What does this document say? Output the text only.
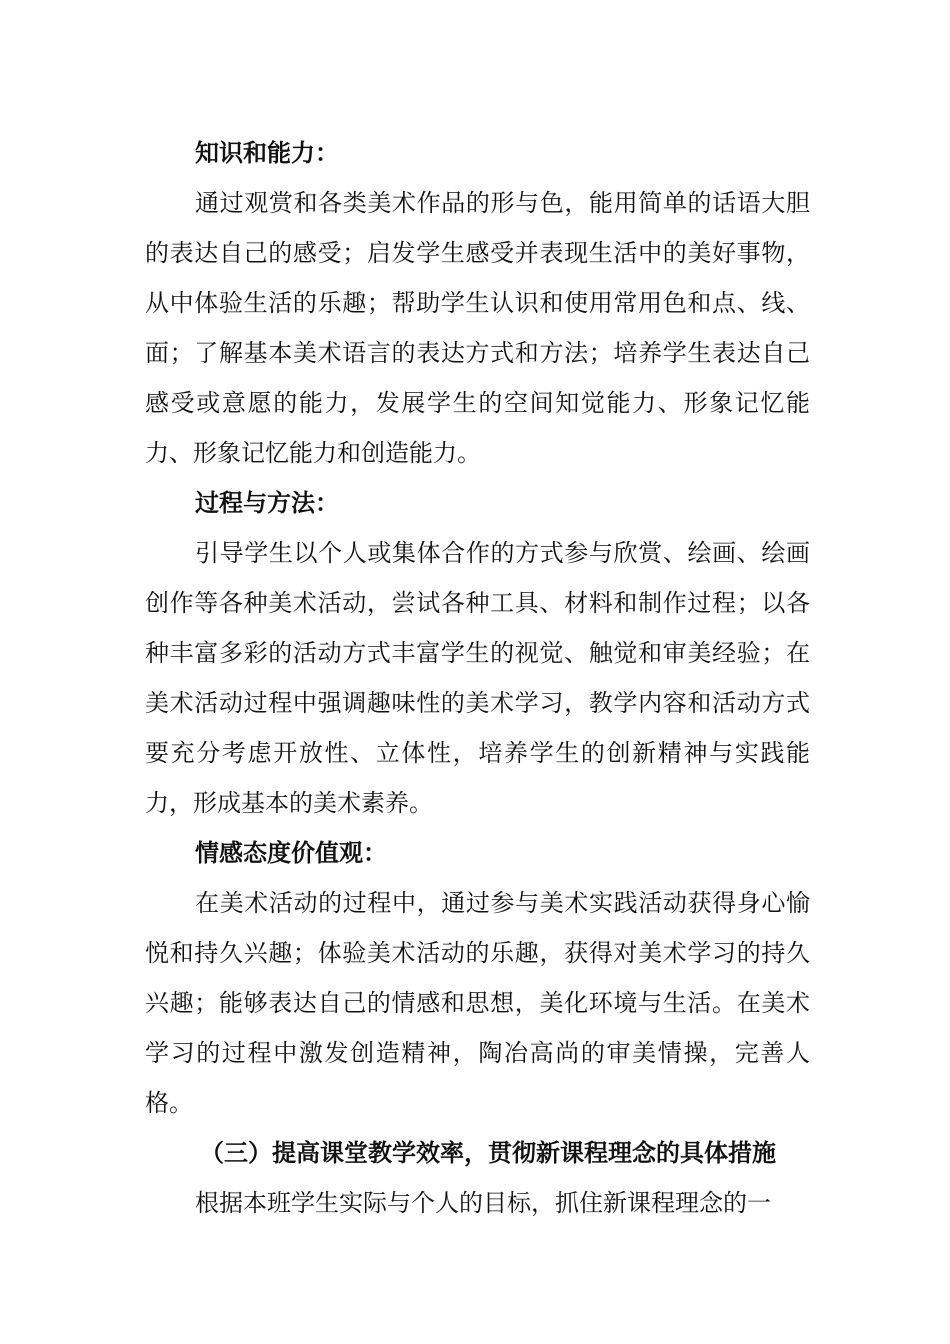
知识和能力：

通过观赏和各类美术作品的形与色，能用简单的话语大胆的表达自己的感受；启发学生感受并表现生活中的美好事物，从中体验生活的乐趣；帮助学生认识和使用常用色和点、线、面；了解基本美术语言的表达方式和方法；培养学生表达自己感受或意愿的能力，发展学生的空间知觉能力、形象记忆能力、形象记忆能力和创造能力。

过程与方法：

引导学生以个人或集体合作的方式参与欣赏、绘画、绘画创作等各种美术活动，尝试各种工具、材料和制作过程；以各种丰富多彩的活动方式丰富学生的视觉、触觉和审美经验；在美术活动过程中强调趣味性的美术学习，教学内容和活动方式要充分考虑开放性、立体性，培养学生的创新精神与实践能力，形成基本的美术素养。

情感态度价值观：

在美术活动的过程中，通过参与美术实践活动获得身心愉悦和持久兴趣；体验美术活动的乐趣，获得对美术学习的持久兴趣；能够表达自己的情感和思想，美化环境与生活。在美术学习的过程中激发创造精神，陶冶高尚的审美情操，完善人格。

（三）提高课堂教学效率，贯彻新课程理念的具体措施

根据本班学生实际与个人的目标，抓住新课程理念的一
